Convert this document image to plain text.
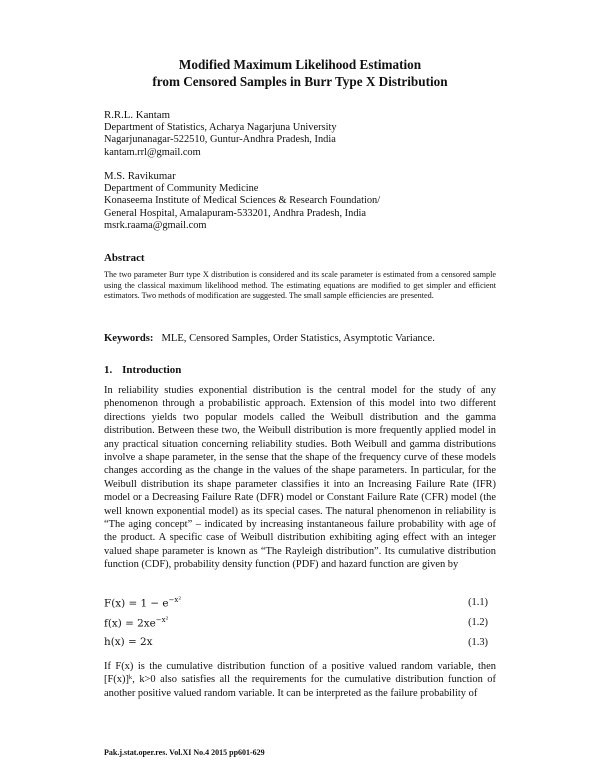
Modified Maximum Likelihood Estimation
from Censored Samples in Burr Type X Distribution
R.R.L. Kantam
Department of Statistics, Acharya Nagarjuna University
Nagarjunanagar-522510, Guntur-Andhra Pradesh, India
kantam.rrl@gmail.com
M.S. Ravikumar
Department of Community Medicine
Konaseema Institute of Medical Sciences & Research Foundation/
General Hospital, Amalapuram-533201, Andhra Pradesh, India
msrk.raama@gmail.com
Abstract
The two parameter Burr type X distribution is considered and its scale parameter is estimated from a censored sample using the classical maximum likelihood method. The estimating equations are modified to get simpler and efficient estimators. Two methods of modification are suggested. The small sample efficiencies are presented.
Keywords: MLE, Censored Samples, Order Statistics, Asymptotic Variance.
1. Introduction
In reliability studies exponential distribution is the central model for the study of any phenomenon through a probabilistic approach. Extension of this model into two different directions yields two popular models called the Weibull distribution and the gamma distribution. Between these two, the Weibull distribution is more frequently applied model in any practical situation concerning reliability studies. Both Weibull and gamma distributions involve a shape parameter, in the sense that the shape of the frequency curve of these models changes according as the change in the values of the shape parameters. In particular, for the Weibull distribution its shape parameter classifies it into an Increasing Failure Rate (IFR) model or a Decreasing Failure Rate (DFR) model or Constant Failure Rate (CFR) model (the well known exponential model) as its special cases. The natural phenomenon in reliability is “The aging concept” – indicated by increasing instantaneous failure probability with age of the product. A specific case of Weibull distribution exhibiting aging effect with an integer valued shape parameter is known as “The Rayleigh distribution”. Its cumulative distribution function (CDF), probability density function (PDF) and hazard function are given by
$F(x) = 1 - e^{-x^2}$	(1.1)
$f(x) = 2xe^{-x^2}$	(1.2)
h(x) = 2x	(1.3)
If F(x) is the cumulative distribution function of a positive valued random variable, then [F(x)]ᵏ, k>0 also satisfies all the requirements for the cumulative distribution function of another positive valued random variable. It can be interpreted as the failure probability of
Pak.j.stat.oper.res. Vol.XI No.4 2015 pp601-629
